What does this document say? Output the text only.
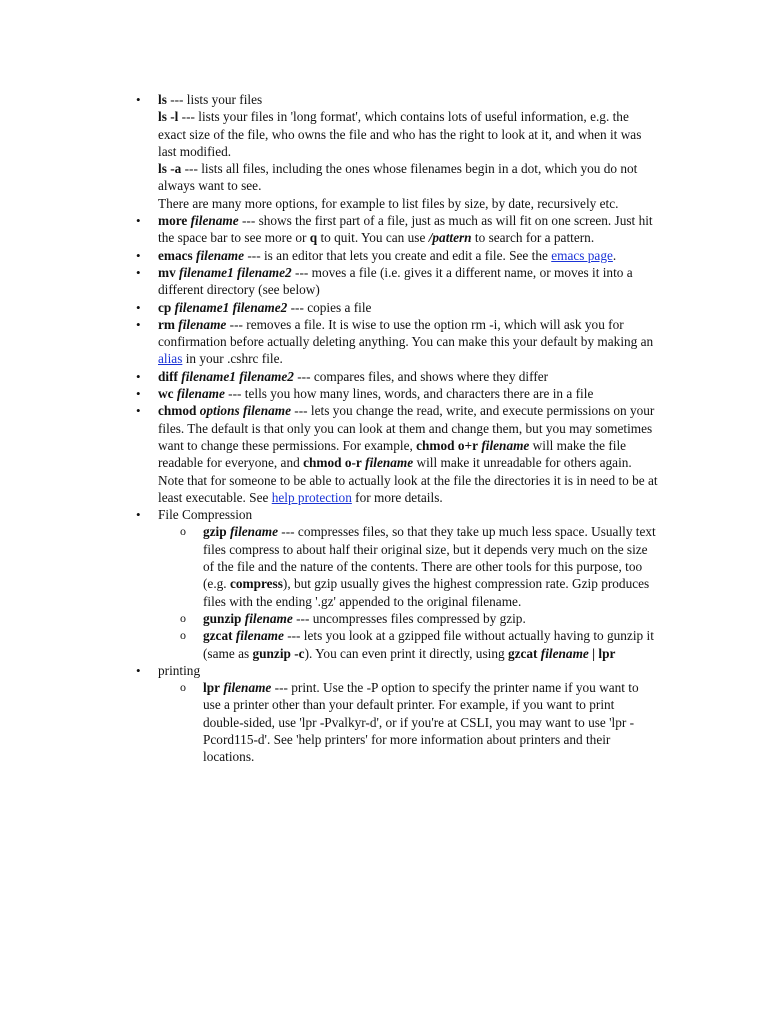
•	ls --- lists your files

ls -l --- lists your files in 'long format', which contains lots of useful information, e.g. the exact size of the file, who owns the file and who has the right to look at it, and when it was last modified.

ls -a --- lists all files, including the ones whose filenames begin in a dot, which you do not always want to see.

There are many more options, for example to list files by size, by date, recursively etc.

•	more filename --- shows the first part of a file, just as much as will fit on one screen. Just hit the space bar to see more or q to quit. You can use /pattern to search for a pattern.

•	emacs filename --- is an editor that lets you create and edit a file. See the emacs page.

•	mv filename1 filename2 --- moves a file (i.e. gives it a different name, or moves it into a different directory (see below)

•	cp filename1 filename2 --- copies a file

•	rm filename --- removes a file. It is wise to use the option rm -i, which will ask you for confirmation before actually deleting anything. You can make this your default by making an alias in your .cshrc file.

•	diff filename1 filename2 --- compares files, and shows where they differ

•	wc filename --- tells you how many lines, words, and characters there are in a file

•	chmod options filename --- lets you change the read, write, and execute permissions on your files. The default is that only you can look at them and change them, but you may sometimes want to change these permissions. For example, chmod o+r filename will make the file readable for everyone, and chmod o-r filename will make it unreadable for others again. Note that for someone to be able to actually look at the file the directories it is in need to be at least executable. See help protection for more details.

•	File Compression

o	gzip filename --- compresses files, so that they take up much less space. Usually text files compress to about half their original size, but it depends very much on the size of the file and the nature of the contents. There are other tools for this purpose, too (e.g. compress), but gzip usually gives the highest compression rate. Gzip produces files with the ending '.gz' appended to the original filename.

o	gunzip filename --- uncompresses files compressed by gzip.

o	gzcat filename --- lets you look at a gzipped file without actually having to gunzip it (same as gunzip -c). You can even print it directly, using gzcat filename | lpr

•	printing

o	lpr filename --- print. Use the -P option to specify the printer name if you want to use a printer other than your default printer. For example, if you want to print double-sided, use 'lpr -Pvalkyr-d', or if you're at CSLI, you may want to use 'lpr -Pcord115-d'. See 'help printers' for more information about printers and their locations.
